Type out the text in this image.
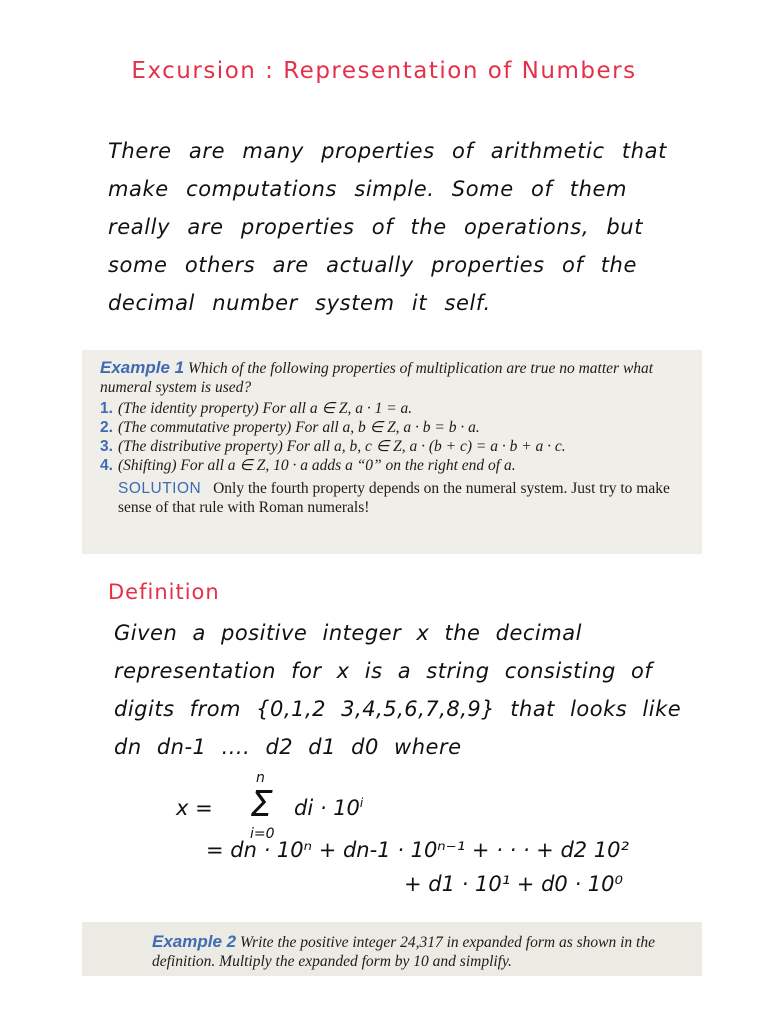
Excursion : Representation of Numbers
There are many properties of arithmetic that make computations simple. Some of them really are properties of the operations, but some others are actually properties of the decimal number system it self.
Example 1 Which of the following properties of multiplication are true no matter what numeral system is used?
1. (The identity property) For all a ∈ Z, a · 1 = a.
2. (The commutative property) For all a, b ∈ Z, a · b = b · a.
3. (The distributive property) For all a, b, c ∈ Z, a · (b + c) = a · b + a · c.
4. (Shifting) For all a ∈ Z, 10 · a adds a “0” on the right end of a.
SOLUTION Only the fourth property depends on the numeral system. Just try to make sense of that rule with Roman numerals!
Definition
Given a positive integer x the decimal representation for x is a string consisting of digits from {0,1,2 3,4,5,6,7,8,9} that looks like dn dn-1 .... d2 d1 d0 where
n
Σ
i=0
x =	di · $10^i$
= dn · 10ⁿ + dn-1 · 10ⁿ⁻¹ + · · · + d2 10²
+ d1 · 10¹ + d0 · 10⁰
Example 2 Write the positive integer 24,317 in expanded form as shown in the definition. Multiply the expanded form by 10 and simplify.
